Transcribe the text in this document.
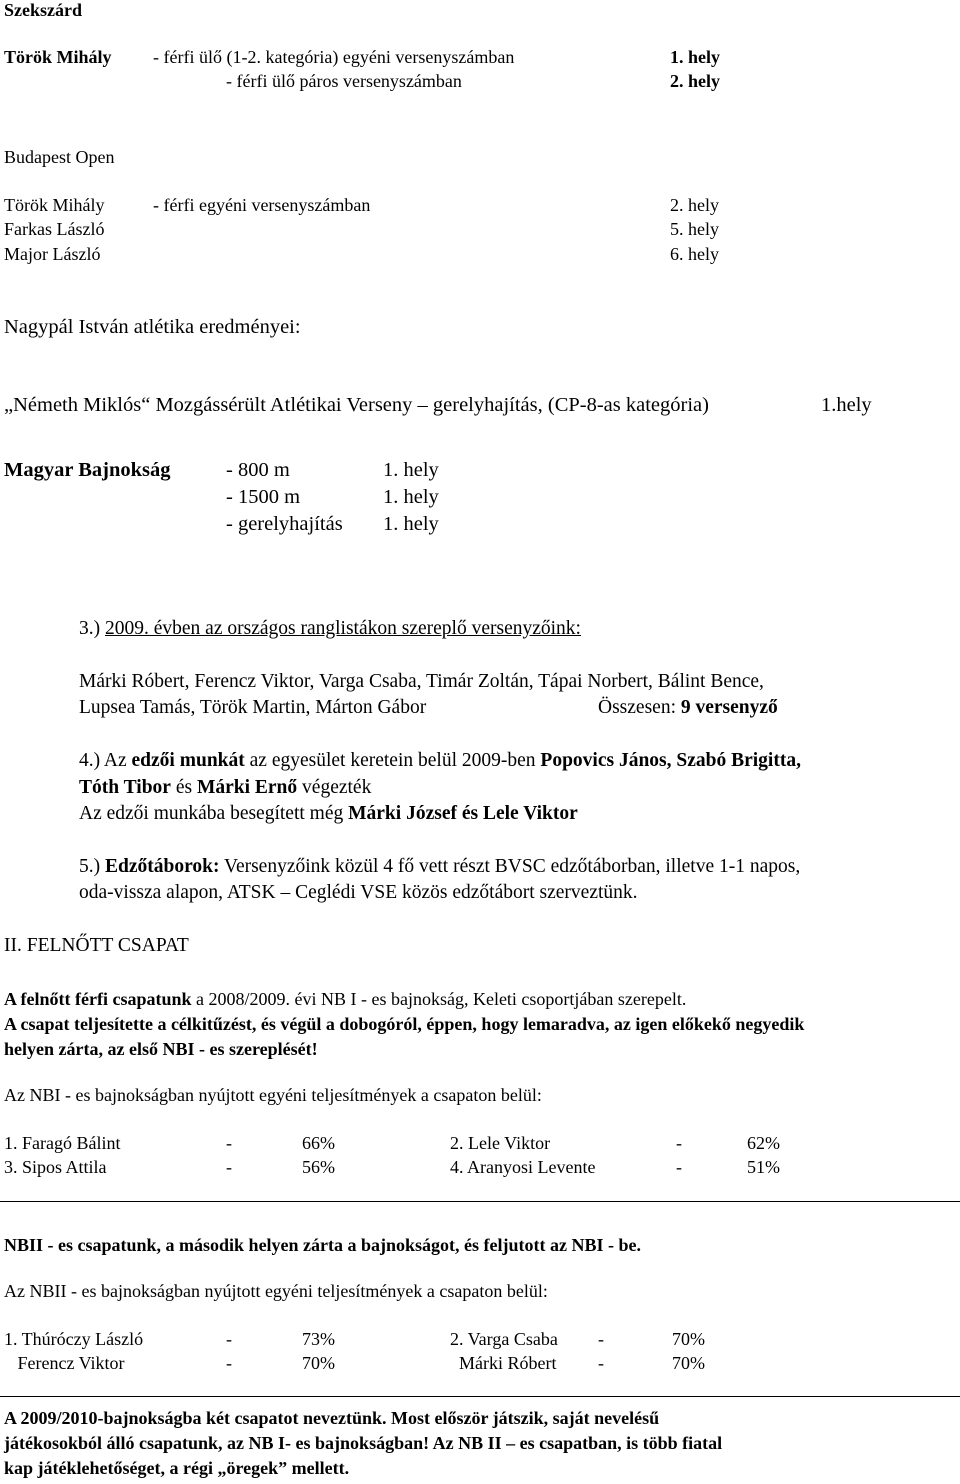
Szekszárd
Török Mihály - férfi ülő (1-2. kategória) egyéni versenyszámban	1. hely
- férfi ülő páros versenyszámban	2. hely
Budapest Open
Török Mihály	- férfi egyéni versenyszámban	2. hely
Farkas László	5. hely
Major László	6. hely
Nagypál István atlétika eredményei:
„Németh Miklós“ Mozgássérült Atlétikai Verseny – gerelyhajítás, (CP-8-as kategória)	1.hely
Magyar Bajnokság	- 800 m	1. hely
- 1500 m	1. hely
- gerelyhajítás 1. hely
3.) 2009. évben az országos ranglistákon szereplő versenyzőink:
Márki Róbert, Ferencz Viktor, Varga Csaba, Timár Zoltán, Tápai Norbert, Bálint Bence,
Lupsea Tamás, Török Martin, Márton Gábor	Összesen: 9 versenyző
4.) Az edzői munkát az egyesület keretein belül 2009-ben Popovics János, Szabó Brigitta,
Tóth Tibor és Márki Ernő végezték
Az edzői munkába besegített még Márki József és Lele Viktor
5.) Edzőtáborok: Versenyzőink közül 4 fő vett részt BVSC edzőtáborban, illetve 1-1 napos,
oda-vissza alapon, ATSK – Ceglédi VSE közös edzőtábort szerveztünk.
II. FELNŐTT CSAPAT
A felnőtt férfi csapatunk a 2008/2009. évi NB I - es bajnokság, Keleti csoportjában szerepelt.
A csapat teljesítette a célkitűzést, és végül a dobogóról, éppen, hogy lemaradva, az igen előkekő negyedik
helyen zárta, az első NBI - es szereplését!
Az NBI - es bajnokságban nyújtott egyéni teljesítmények a csapaton belül:
1. Faragó Bálint	-	66%	2. Lele Viktor	-	62%
3. Sipos Attila	-	56%	4. Aranyosi Levente	-	51%
NBII - es csapatunk, a második helyen zárta a bajnokságot, és feljutott az NBI - be.
Az NBII - es bajnokságban nyújtott egyéni teljesítmények a csapaton belül:
1. Thúróczy László	-	73%	2. Varga Csaba -	70%
Ferencz Viktor	-	70%	Márki Róbert -	70%
A 2009/2010-bajnokságba két csapatot neveztünk. Most először játszik, saját nevelésű
játékosokból álló csapatunk, az NB I- es bajnokságban! Az NB II – es csapatban, is több fiatal
kap játéklehetőséget, a régi „öregek” mellett.
